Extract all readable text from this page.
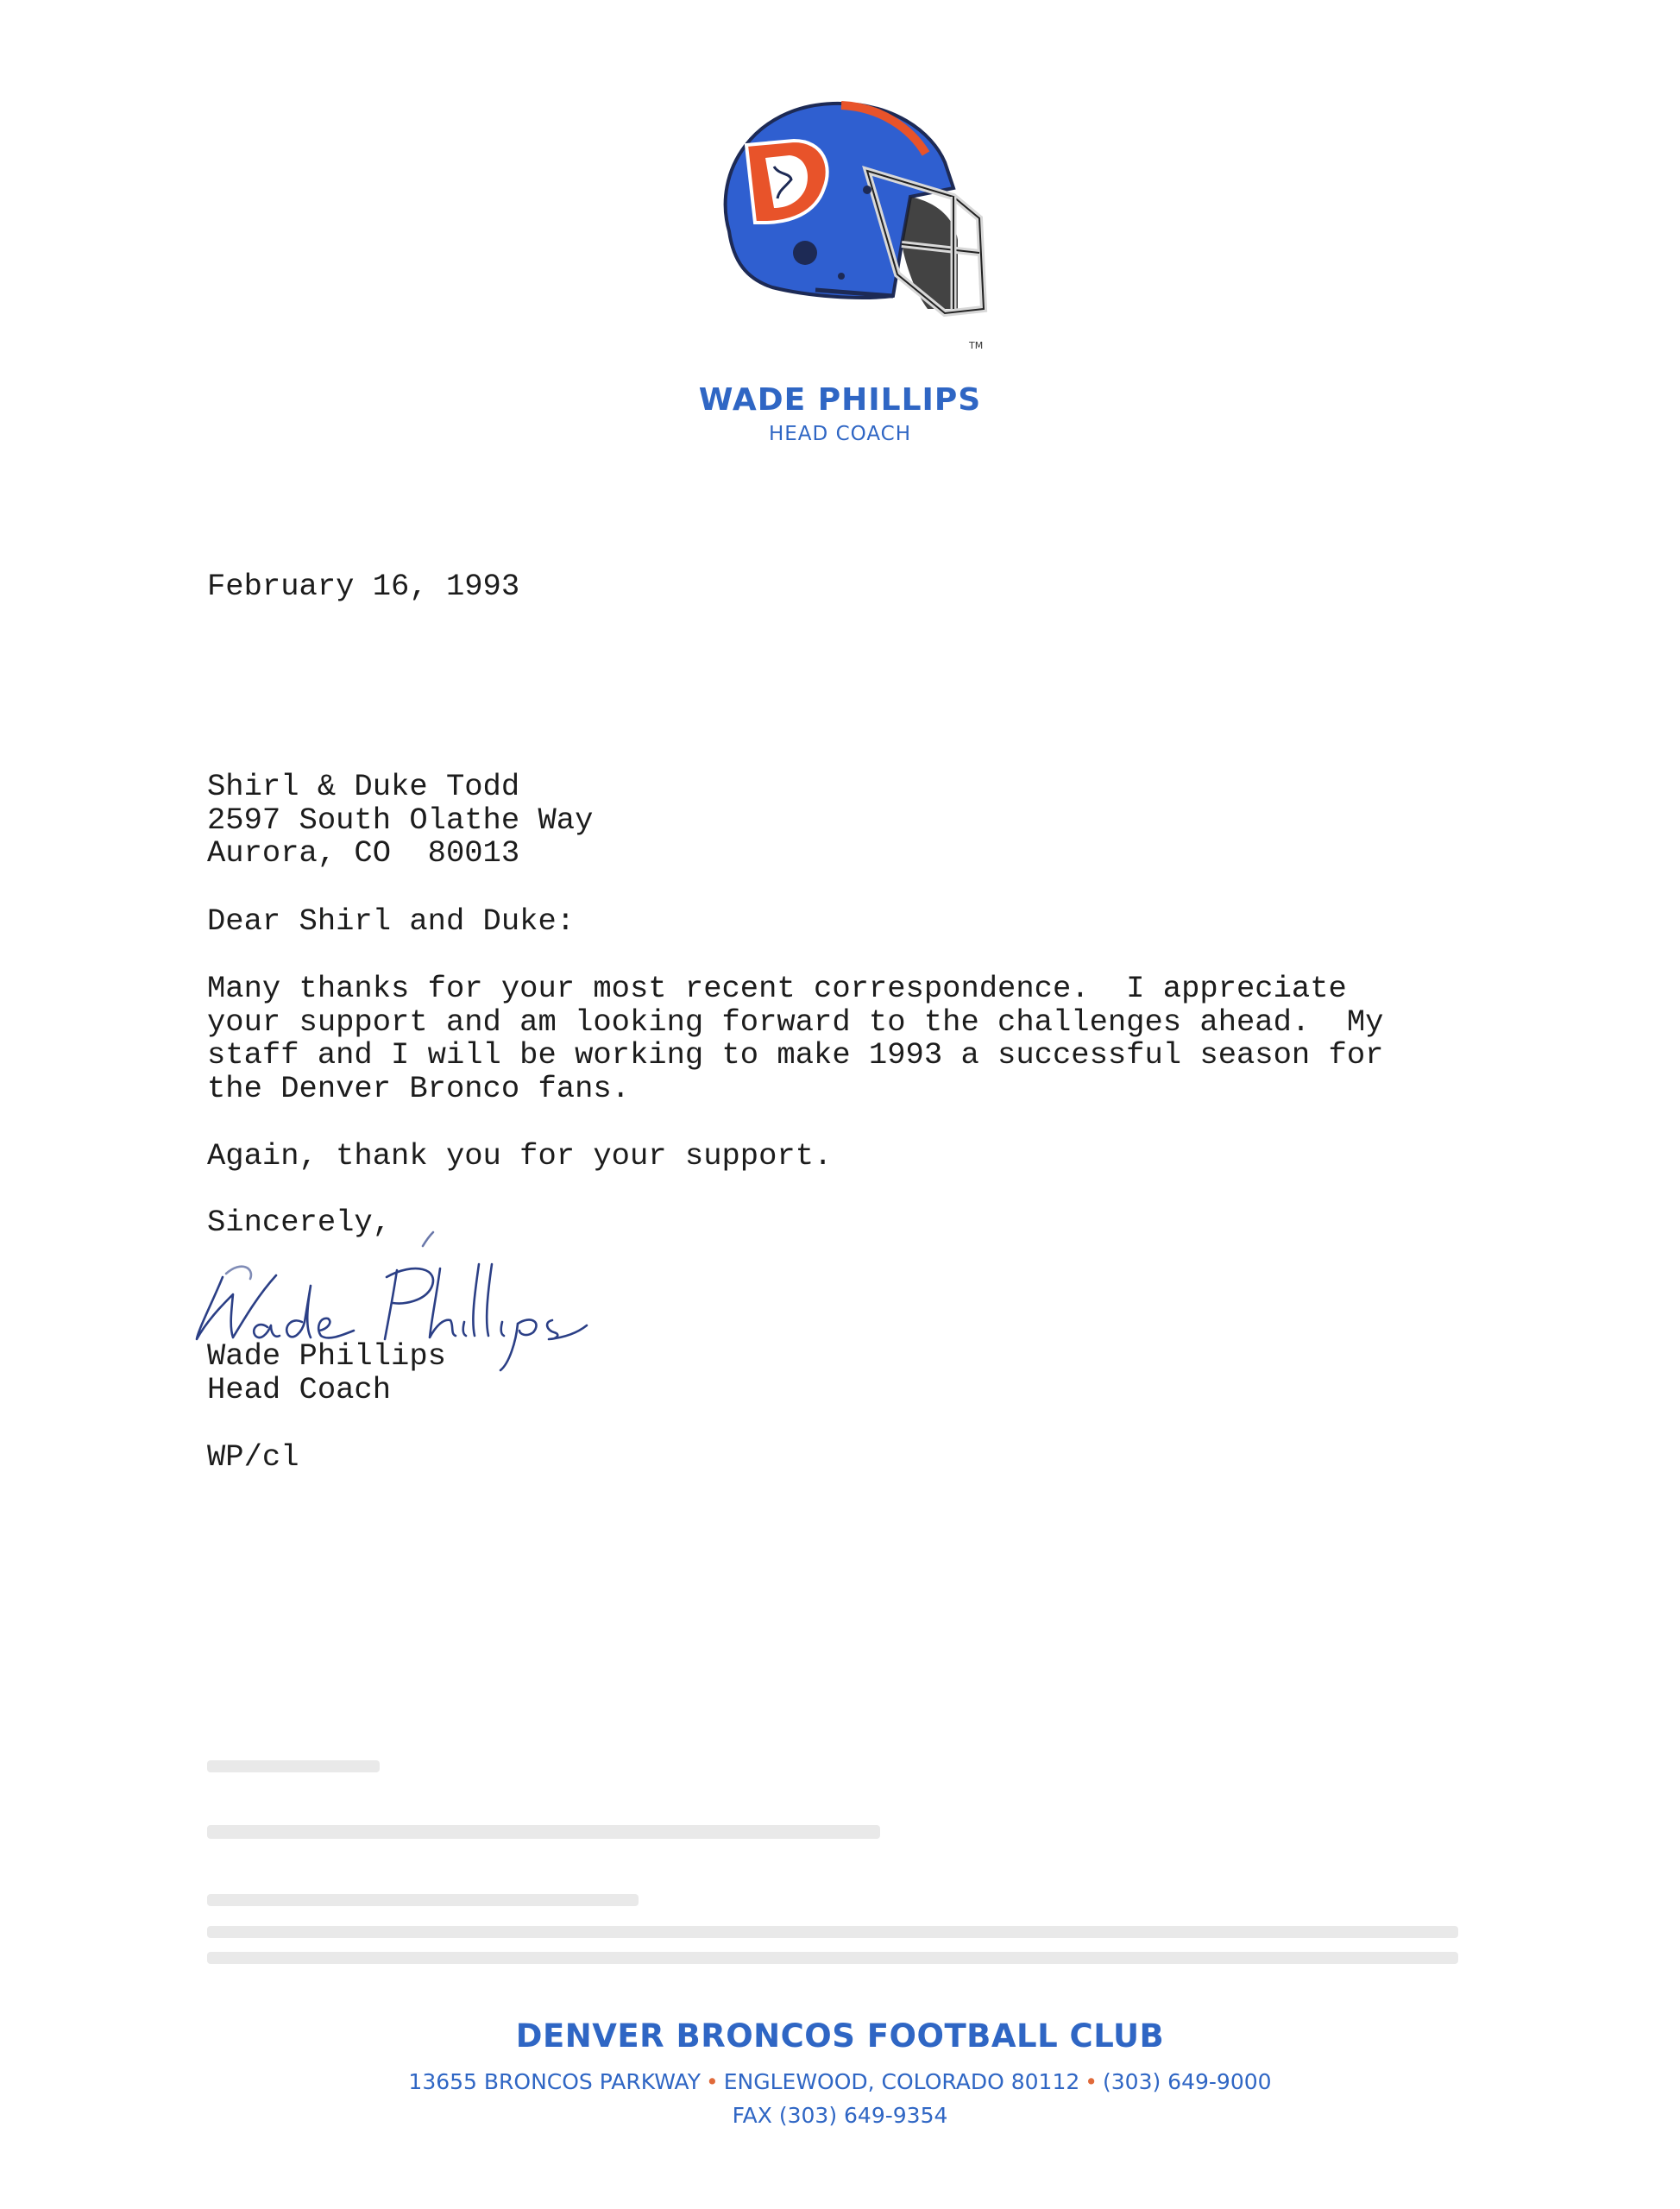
TM
WADE PHILLIPS
HEAD COACH
February 16, 1993
Shirl & Duke Todd
2597 South Olathe Way
Aurora, CO  80013
Dear Shirl and Duke:
Many thanks for your most recent correspondence.  I appreciate
your support and am looking forward to the challenges ahead.  My
staff and I will be working to make 1993 a successful season for
the Denver Bronco fans.
Again, thank you for your support.
Sincerely,
Wade Phillips
Head Coach
WP/cl
DENVER BRONCOS FOOTBALL CLUB
13655 BRONCOS PARKWAY • ENGLEWOOD, COLORADO 80112 • (303) 649-9000
FAX (303) 649-9354
